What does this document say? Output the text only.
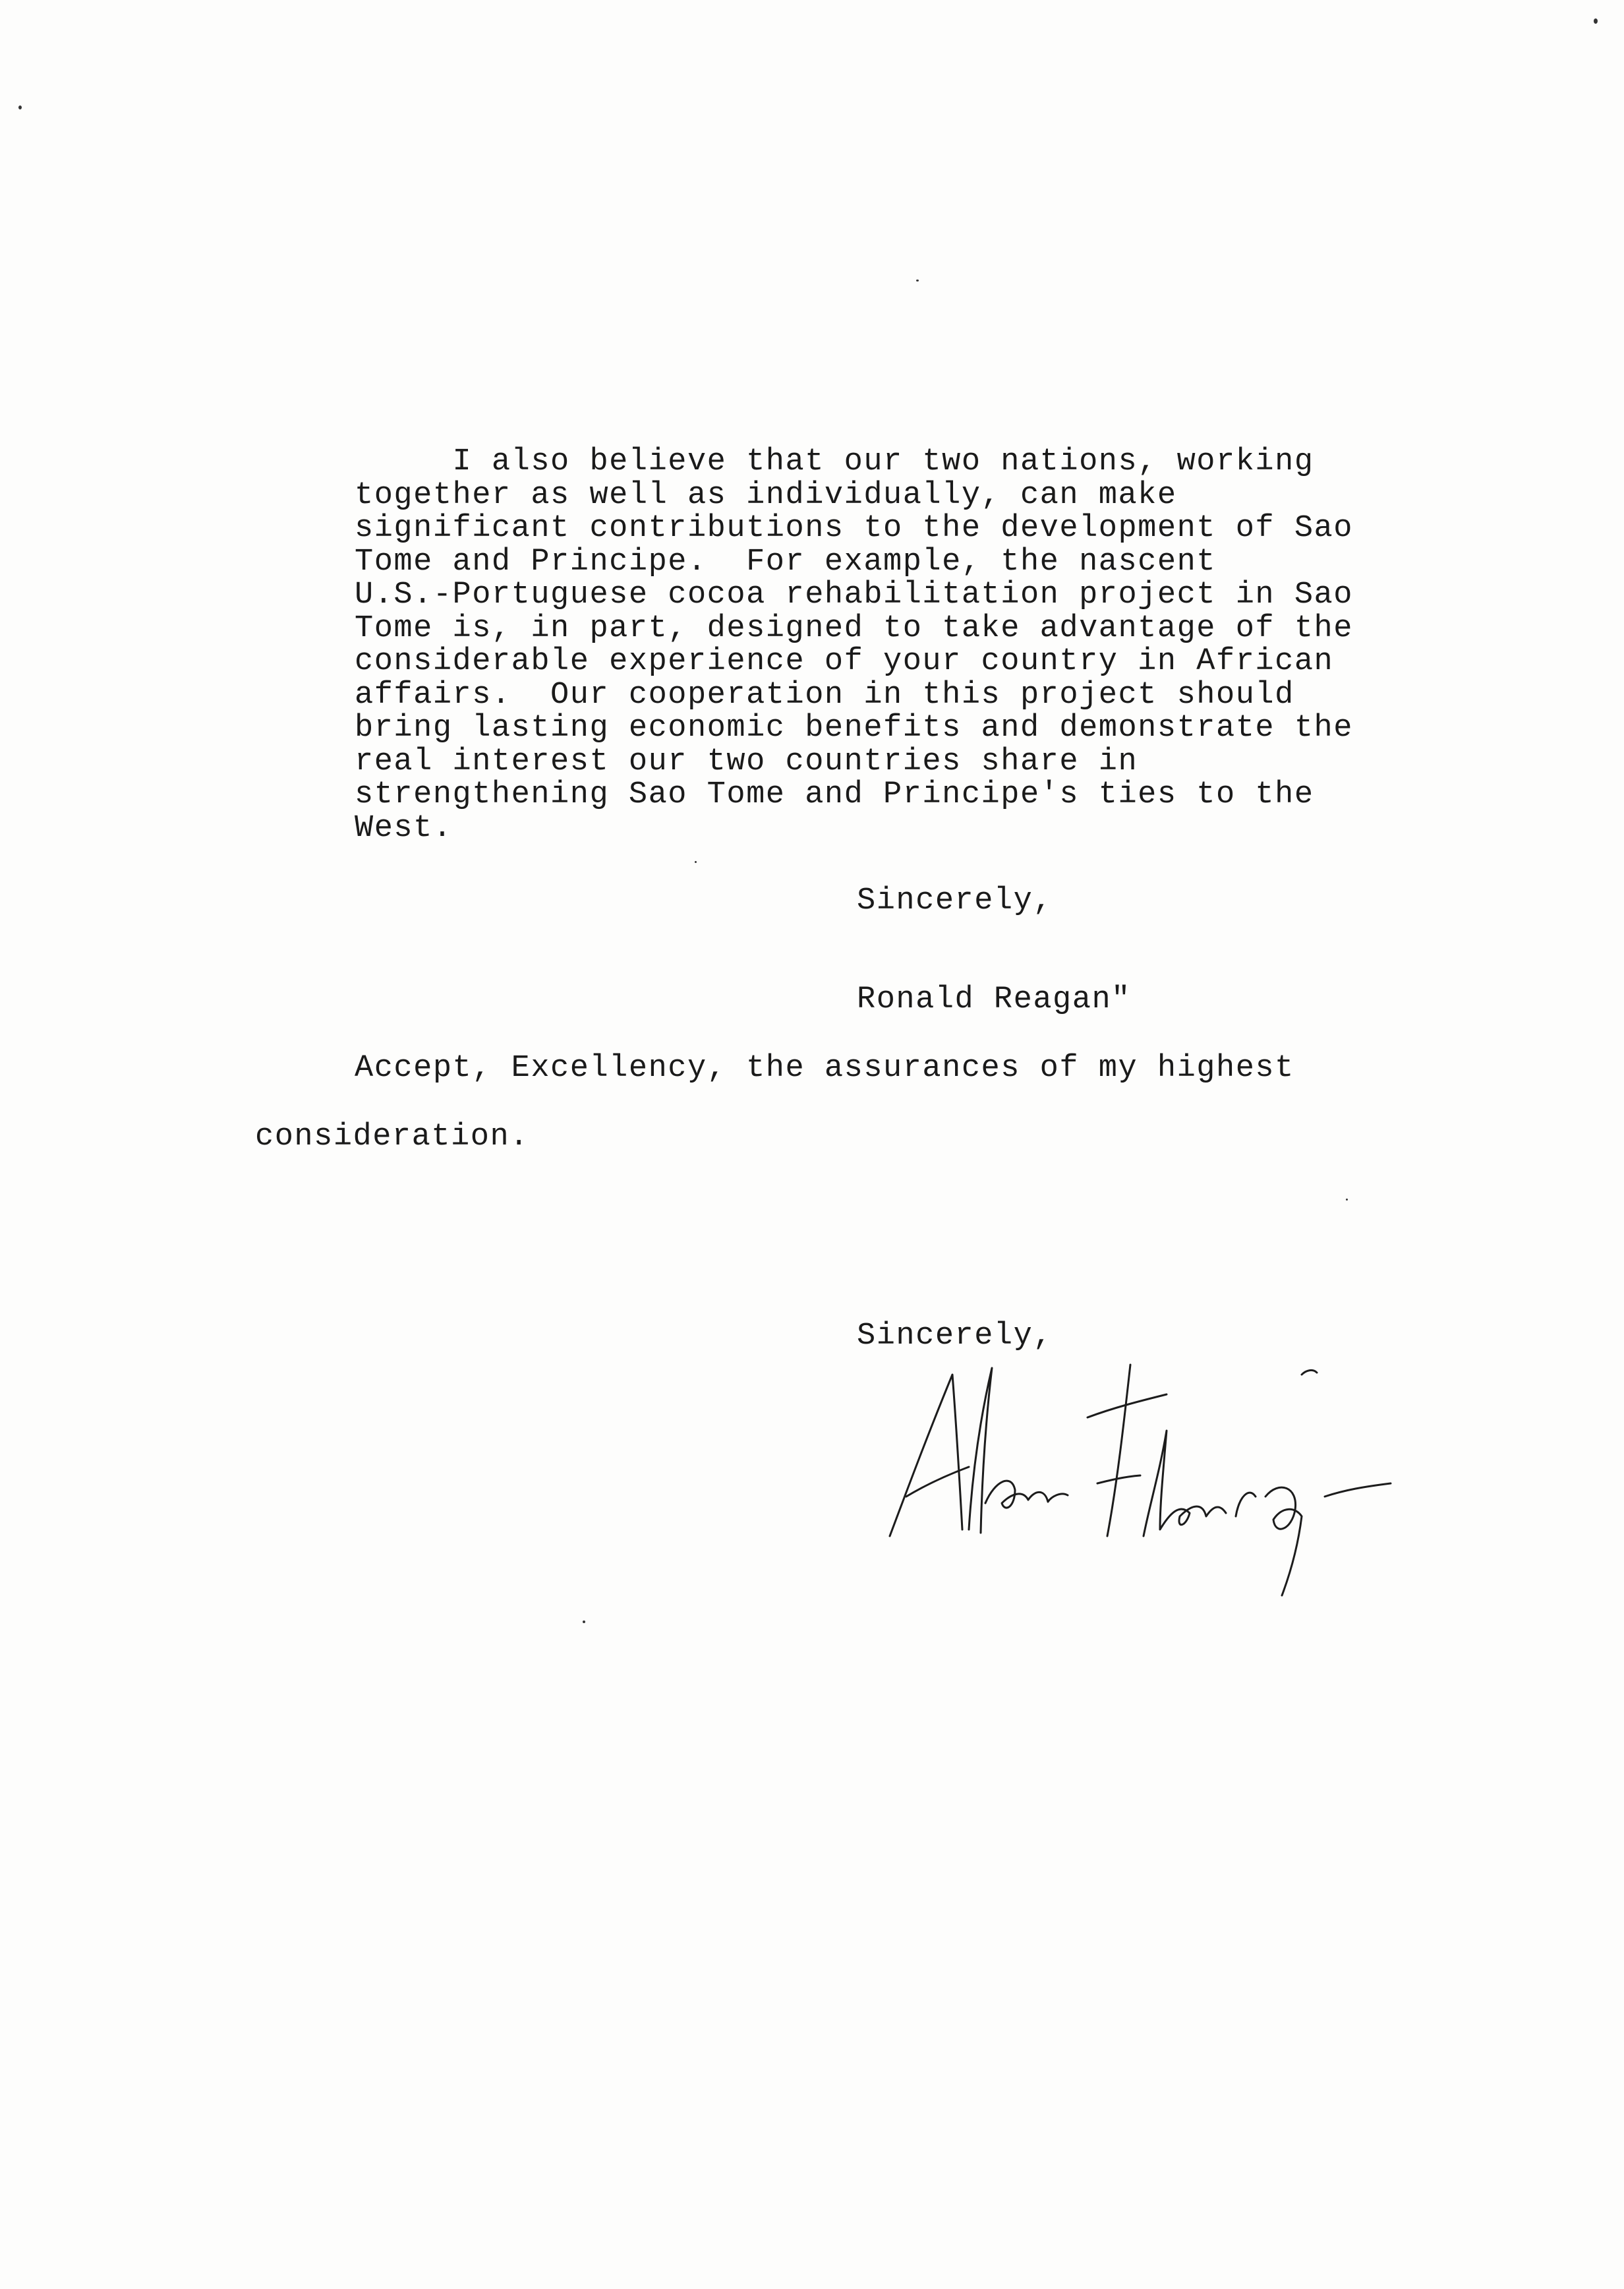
I also believe that our two nations, working
together as well as individually, can make
significant contributions to the development of Sao
Tome and Principe.  For example, the nascent
U.S.-Portuguese cocoa rehabilitation project in Sao
Tome is, in part, designed to take advantage of the
considerable experience of your country in African
affairs.  Our cooperation in this project should
bring lasting economic benefits and demonstrate the
real interest our two countries share in
strengthening Sao Tome and Principe's ties to the
West.
Sincerely,
Ronald Reagan"
Accept, Excellency, the assurances of my highest
consideration.
Sincerely,
